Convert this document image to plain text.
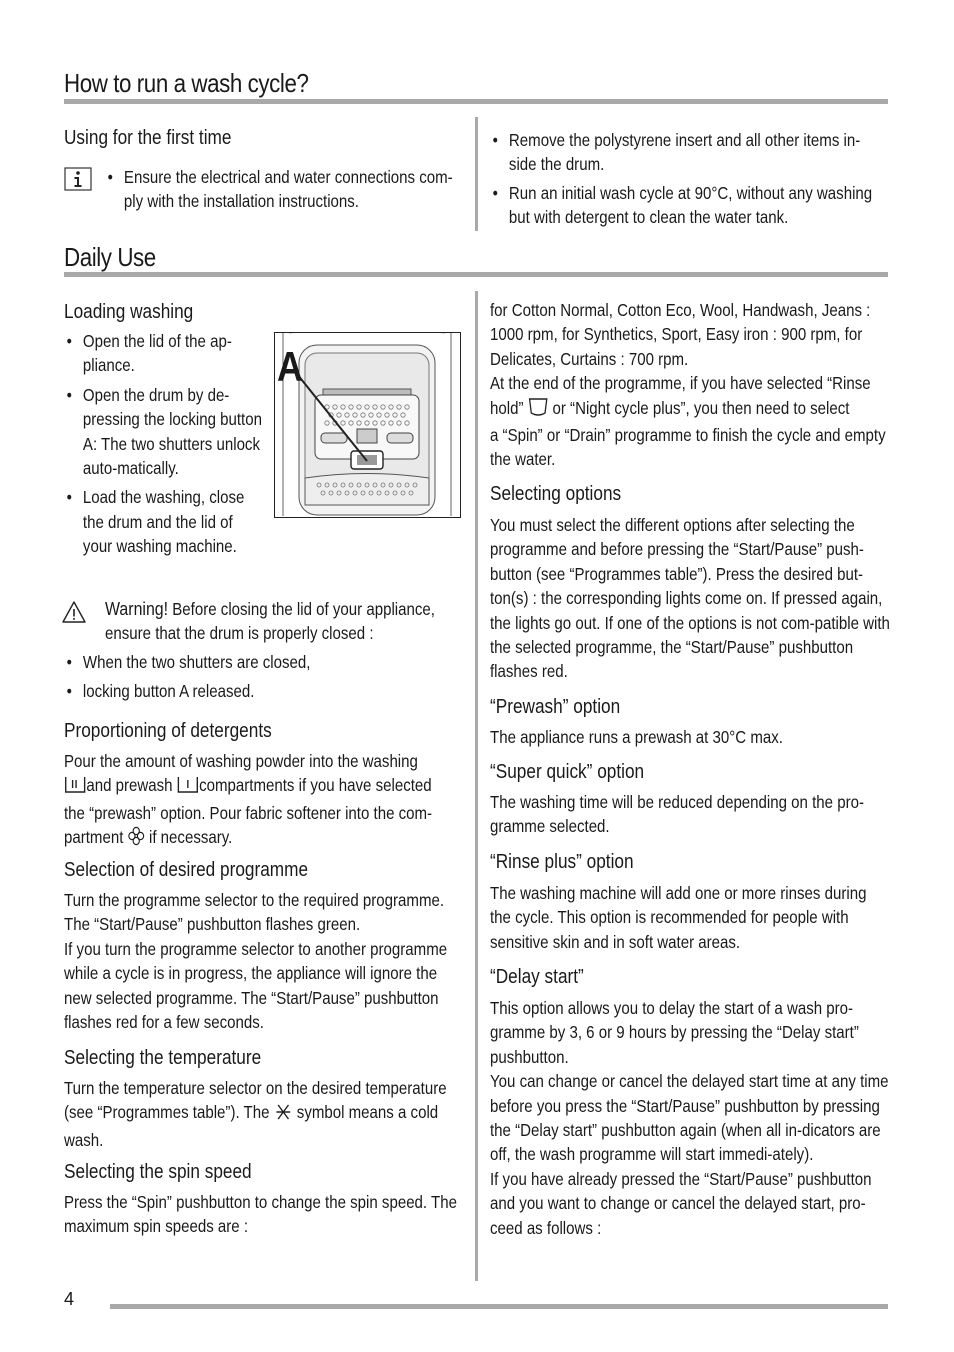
How to run a wash cycle?
Using for the first time
• Ensure the electrical and water connections com-ply with the installation instructions.
• Remove the polystyrene insert and all other items in-side the drum.
• Run an initial wash cycle at 90°C, without any washing but with detergent to clean the water tank.
Daily Use
Loading washing
• Open the lid of the ap-pliance.
• Open the drum by de-pressing the locking button A: The two shutters unlock auto-matically.
• Load the washing, close the drum and the lid of your washing machine.
A
Warning! Before closing the lid of your appliance, ensure that the drum is properly closed :
• When the two shutters are closed,
• locking button A released.
Proportioning of detergents
Pour the amount of washing powder into the washing
and prewash compartments if you have selected
the “prewash” option. Pour fabric softener into the com-
partment if necessary.
Selection of desired programme

Turn the programme selector to the required programme. The “Start/Pause” pushbutton flashes green.

If you turn the programme selector to another programme while a cycle is in progress, the appliance will ignore the new selected programme. The “Start/Pause” pushbutton flashes red for a few seconds.

Selecting the temperature
Turn the temperature selector on the desired temperature
(see “Programmes table”). The symbol means a cold
wash.
Selecting the spin speed

Press the “Spin” pushbutton to change the spin speed. The maximum spin speeds are :

for Cotton Normal, Cotton Eco, Wool, Handwash, Jeans : 1000 rpm, for Synthetics, Sport, Easy iron : 900 rpm, for Delicates, Curtains : 700 rpm.

At the end of the programme, if you have selected “Rinse
hold” or “Night cycle plus”, you then need to select
a “Spin” or “Drain” programme to finish the cycle and empty the water.
Selecting options

You must select the different options after selecting the programme and before pressing the “Start/Pause” push-button (see “Programmes table”). Press the desired but-ton(s) : the corresponding lights come on. If pressed again, the lights go out. If one of the options is not com-patible with the selected programme, the “Start/Pause” pushbutton flashes red.

“Prewash” option

The appliance runs a prewash at 30°C max.

“Super quick” option

The washing time will be reduced depending on the pro-gramme selected.

“Rinse plus” option

The washing machine will add one or more rinses during the cycle. This option is recommended for people with sensitive skin and in soft water areas.

“Delay start”

This option allows you to delay the start of a wash pro-gramme by 3, 6 or 9 hours by pressing the “Delay start” pushbutton.

You can change or cancel the delayed start time at any time before you press the “Start/Pause” pushbutton by pressing the “Delay start” pushbutton again (when all in-dicators are off, the wash programme will start immedi-ately).

If you have already pressed the “Start/Pause” pushbutton and you want to change or cancel the delayed start, pro-ceed as follows :

4
